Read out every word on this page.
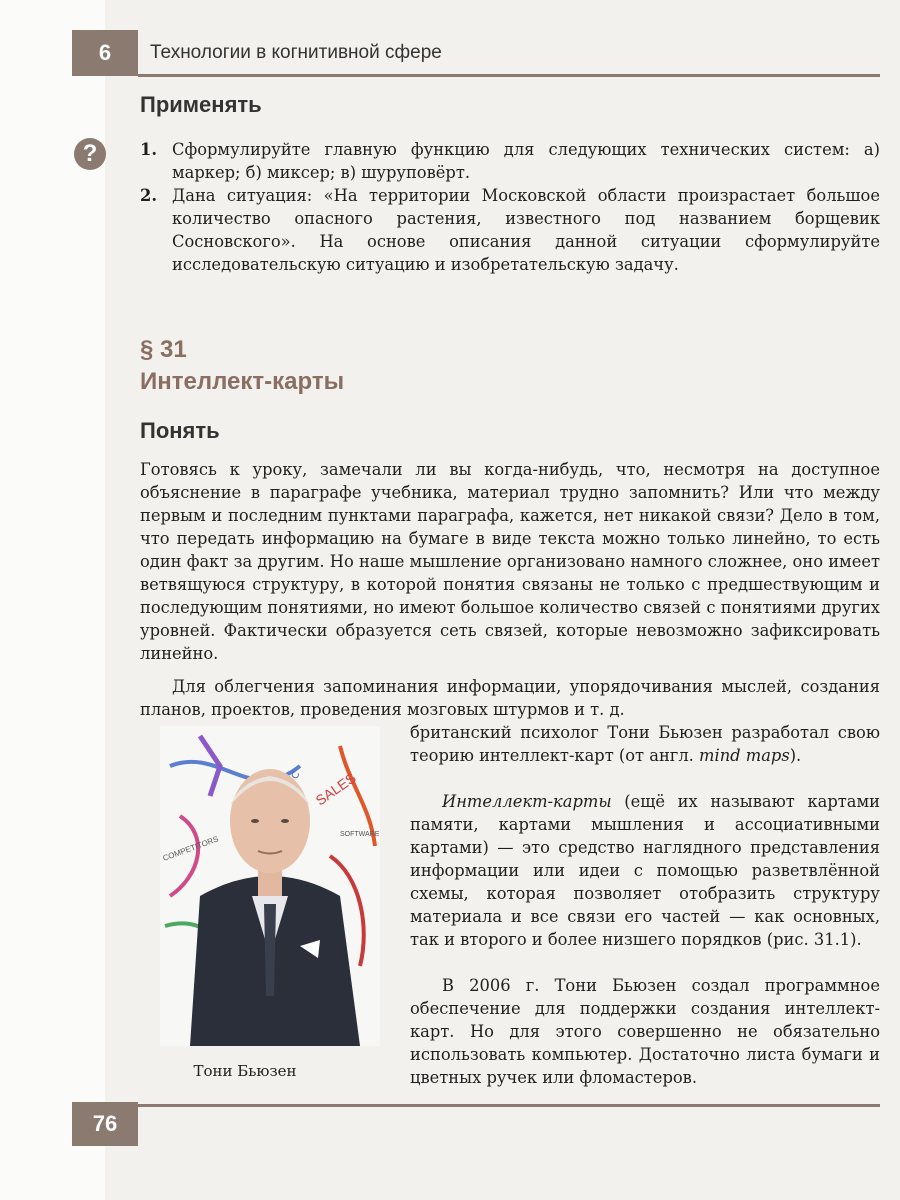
6 Технологии в когнитивной сфере
Применять
?	1. Сформулируйте главную функцию для следующих технических систем: а) маркер; б) миксер; в) шуруповёрт.
2. Дана ситуация: «На территории Московской области произрастает большое количество опасного растения, известного под названием борщевик Сосновского». На основе описания данной ситуации сформулируйте исследовательскую ситуацию и изобретательскую задачу.
§ 31
Интеллект-карты
Понять
Готовясь к уроку, замечали ли вы когда-нибудь, что, несмотря на доступное объяснение в параграфе учебника, материал трудно запомнить? Или что между первым и последним пунктами параграфа, кажется, нет никакой связи? Дело в том, что передать информацию на бумаге в виде текста можно только линейно, то есть один факт за другим. Но наше мышление организовано намного сложнее, оно имеет ветвящуюся структуру, в которой понятия связаны не только с предшествующим и последующим понятиями, но имеют большое количество связей с понятиями других уровней. Фактически образуется сеть связей, которые невозможно зафиксировать линейно.
Для облегчения запоминания информации, упорядочивания мыслей, создания планов, проектов, проведения мозговых штурмов и т. д.
SALES
COMPETITORS	SOFTWARE
Тони Бьюзен
британский психолог Тони Бьюзен разработал свою теорию интеллект-карт (от англ. mind maps).
Интеллект-карты (ещё их называют картами памяти, картами мышления и ассоциативными картами) — это средство наглядного представления информации или идеи с помощью разветвлённой схемы, которая позволяет отобразить структуру материала и все связи его частей — как основных, так и второго и более низшего порядков (рис. 31.1).
В 2006 г. Тони Бьюзен создал программное обеспечение для поддержки создания интеллект-карт. Но для этого совершенно не обязательно использовать компьютер. Достаточно листа бумаги и цветных ручек или фломастеров.
76
